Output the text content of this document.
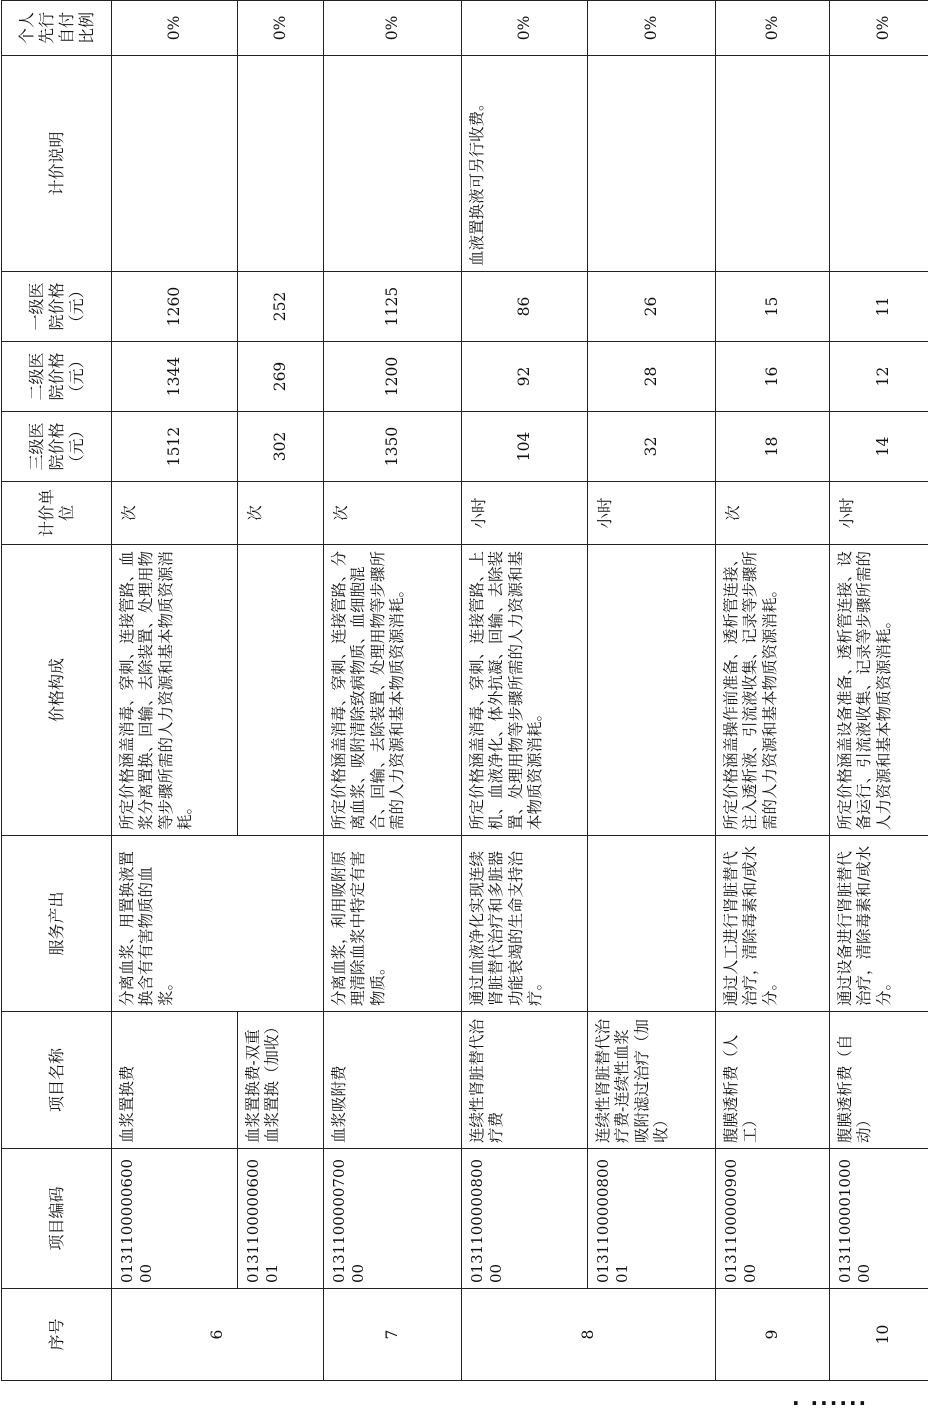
序号	项目编码	项目名称	服务产出	价格构成	计价单位	三级医院价格（元）	二级医院价格（元）	一级医院价格（元）	计价说明	个人先行自付比例
6	013110000060000	血浆置换费	分离血浆、用置换液置换含有有害物质的血浆。	所定价格涵盖消毒、穿刺、连接管路、血浆分离置换、回输、去除装置、处理用物等步骤所需的人力资源和基本物质资源消耗。	次	1512	1344	1260		0%
	013110000060001	血浆置换费-双重血浆置换（加收）			次	302	269	252		0%
7	013110000070000	血浆吸附费	分离血浆，利用吸附原理清除血浆中特定有害物质。	所定价格涵盖消毒、穿刺、连接管路、分离血浆、吸附清除致病物质、血细胞混合、回输、去除装置、处理用物等步骤所需的人力资源和基本物质资源消耗。	次	1350	1200	1125		0%
8	013110000080000	连续性肾脏替代治疗费	通过血液净化实现连续肾脏替代治疗和多脏器功能衰竭的生命支持治疗。	所定价格涵盖消毒、穿刺、连接管路、上机、血液净化、体外抗凝、回输、去除装置、处理用物等步骤所需的人力资源和基本物质资源消耗。	小时	104	92	86	血液置换液可另行收费。	0%
	013110000080001	连续性肾脏替代治疗费-连续性血浆吸附滤过治疗（加收）			小时	32	28	26		0%
9	013110000090000	腹膜透析费（人工）	通过人工进行肾脏替代治疗，清除毒素和/或水分。	所定价格涵盖操作前准备、透析管连接、注入透析液、引流液收集、记录等步骤所需的人力资源和基本物质资源消耗。	次	18	16	15		0%
10	013110000100000	腹膜透析费（自动）	通过设备进行肾脏替代治疗，清除毒素和/或水分。	所定价格涵盖设备准备、透析管连接、设备运行、引流液收集、记录等步骤所需的人力资源和基本物质资源消耗。	小时	14	12	11		0%
· ······
